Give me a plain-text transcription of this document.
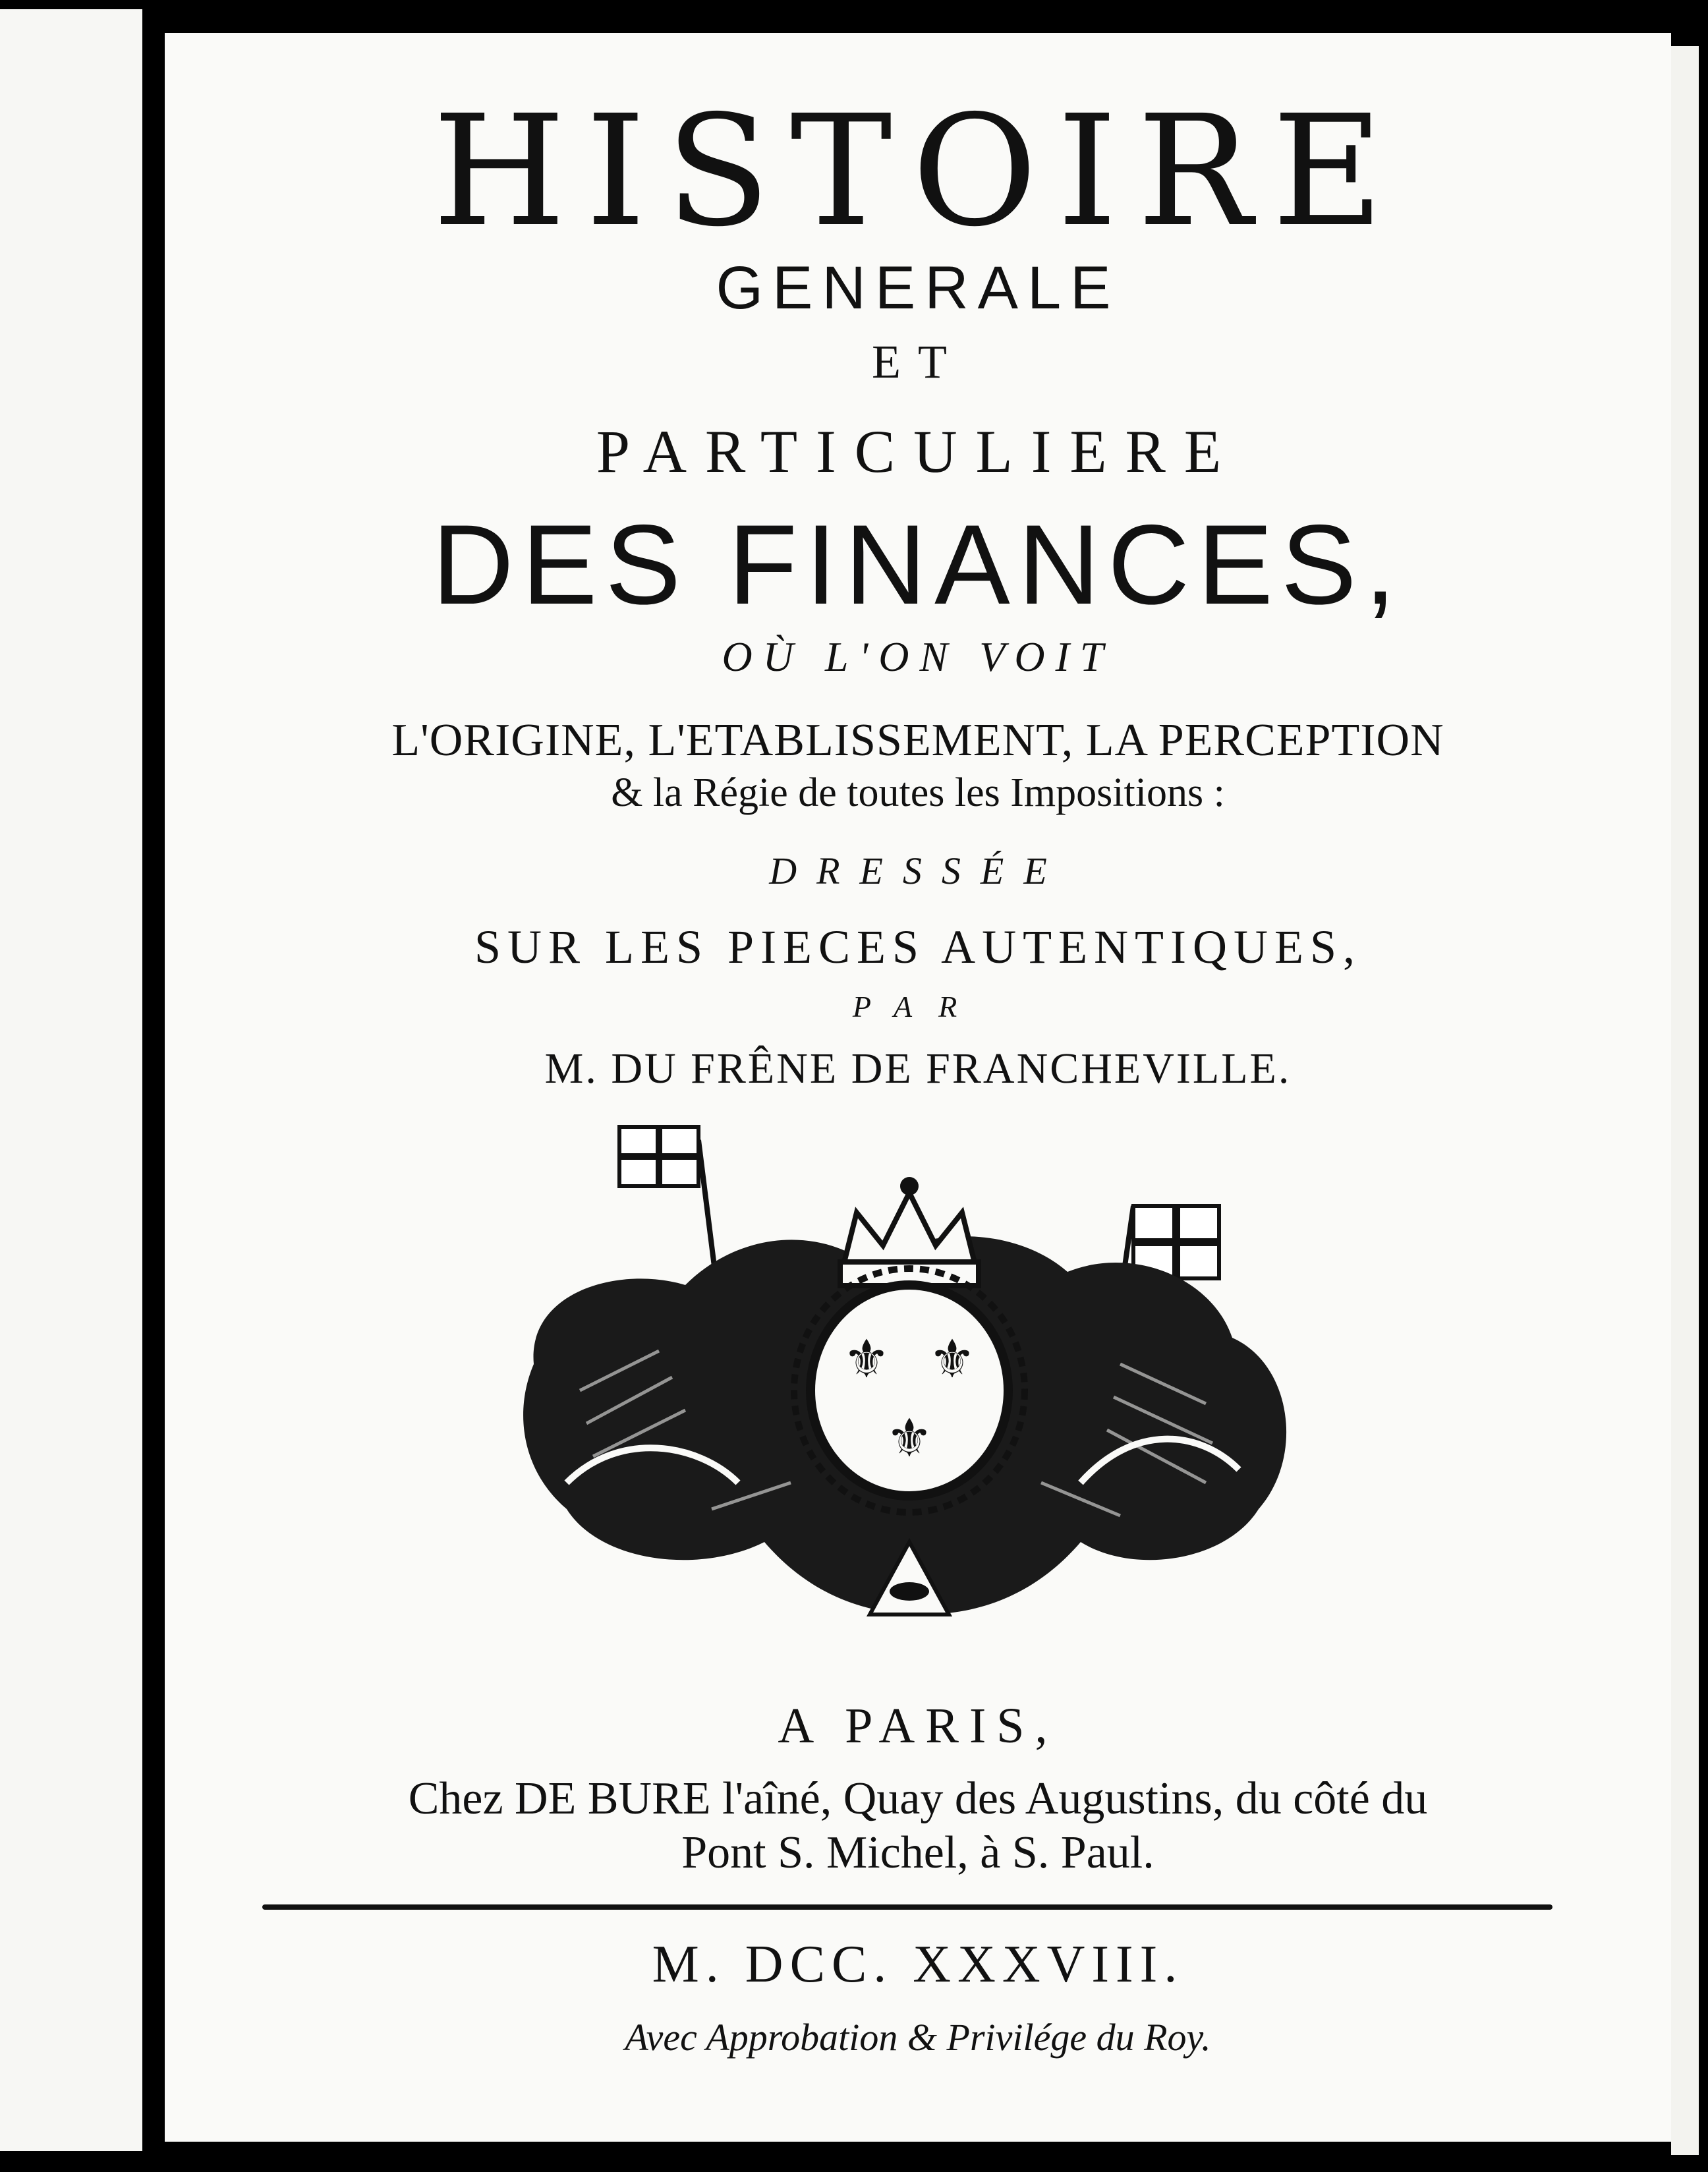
HISTOIRE
GENERALE
ET
PARTICULIERE
DES FINANCES,
OÙ L'ON VOIT
L'ORIGINE, L'ETABLISSEMENT, LA PERCEPTION
& la Régie de toutes les Impositions :
DRESSÉE
SUR LES PIECES AUTENTIQUES,
PAR
M. DU FRÊNE DE FRANCHEVILLE.
⚜ ⚜
⚜
A PARIS,
Chez DE BURE l'aîné, Quay des Augustins, du côté du
Pont S. Michel, à S. Paul.
M. DCC. XXXVIII.
Avec Approbation & Privilége du Roy.
